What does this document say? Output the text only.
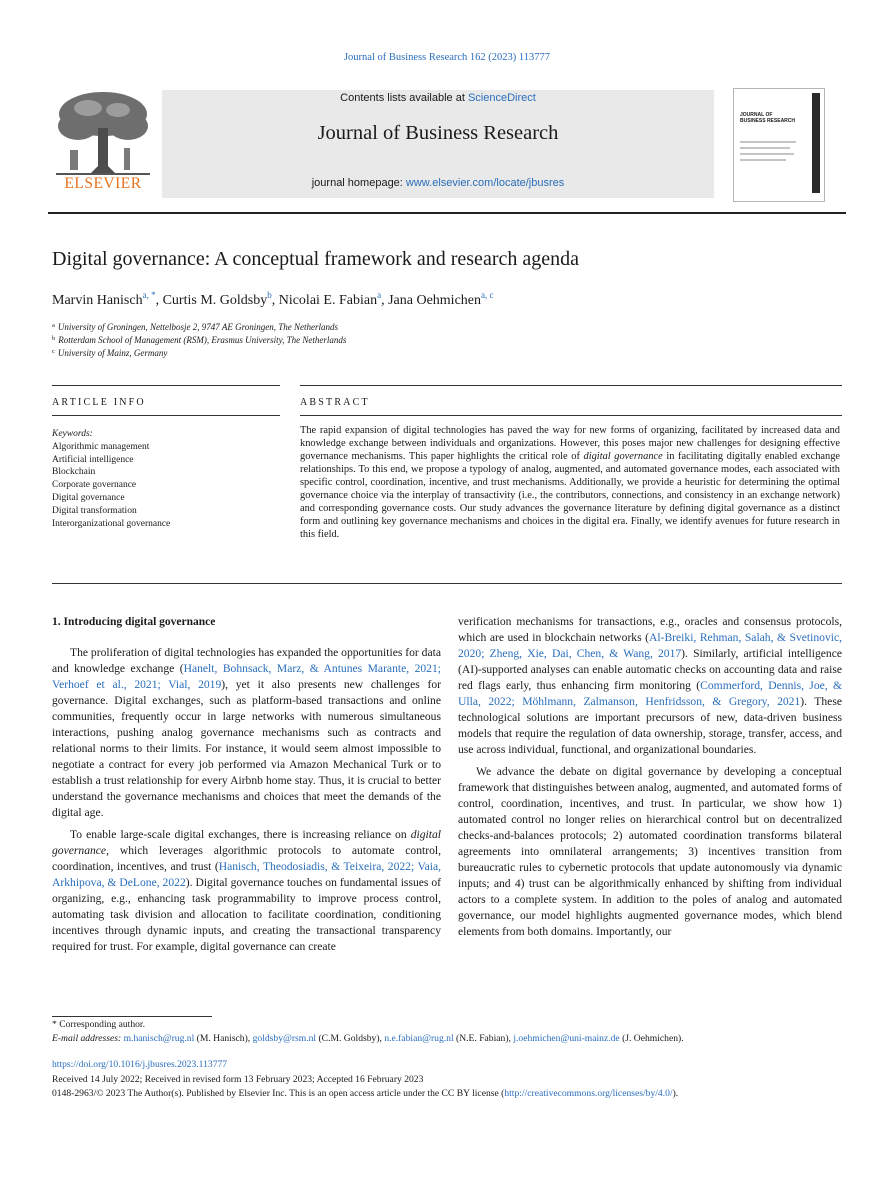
Journal of Business Research 162 (2023) 113777
ELSEVIER
Contents lists available at ScienceDirect
Journal of Business Research
journal homepage: www.elsevier.com/locate/jbusres
JOURNAL OF BUSINESS RESEARCH
Digital governance: A conceptual framework and research agenda
Marvin Hanisch$^{a, *}$, Curtis M. Goldsby$^b$, Nicolai E. Fabian$^a$, Jana Oehmichen$^{a, c}$
$^a$ University of Groningen, Nettelbosje 2, 9747 AE Groningen, The Netherlands
$^b$ Rotterdam School of Management (RSM), Erasmus University, The Netherlands
$^c$ University of Mainz, Germany
ARTICLE INFO	ABSTRACT
Keywords:
Algorithmic management
Artificial intelligence
Blockchain
Corporate governance
Digital governance
Digital transformation
Interorganizational governance
The rapid expansion of digital technologies has paved the way for new forms of organizing, facilitated by increased data and knowledge exchange between individuals and organizations. However, this poses major new challenges for designing effective governance mechanisms. This paper highlights the critical role of digital governance in facilitating digitally enabled exchange relationships. To this end, we propose a typology of analog, augmented, and automated governance modes, each associated with specific control, coordination, incentive, and trust mechanisms. Additionally, we provide a heuristic for determining the optimal governance choice via the interplay of transactivity (i.e., the contributors, connections, and consistency in an exchange network) and corresponding governance costs. Our study advances the governance literature by defining digital governance as a distinct form and outlining key governance mechanisms and choices in the digital era. Finally, we identify avenues for future research in this field.
1. Introducing digital governance

The proliferation of digital technologies has expanded the opportunities for data and knowledge exchange (Hanelt, Bohnsack, Marz, & Antunes Marante, 2021; Verhoef et al., 2021; Vial, 2019), yet it also presents new challenges for governance. Digital exchanges, such as platform-based transactions and online communities, frequently occur in large networks with numerous simultaneous interactions, pushing analog governance mechanisms such as contracts and relational norms to their limits. For instance, it would seem almost impossible to negotiate a contract for every job performed via Amazon Mechanical Turk or to establish a trust relationship for every Airbnb home stay. Thus, it is crucial to better understand the governance mechanisms and choices that meet the demands of the digital age.

To enable large-scale digital exchanges, there is increasing reliance on digital governance, which leverages algorithmic protocols to automate control, coordination, incentives, and trust (Hanisch, Theodosiadis, & Teixeira, 2022; Vaia, Arkhipova, & DeLone, 2022). Digital governance touches on fundamental issues of organizing, e.g., enhancing task programmability to improve process control, automating task division and allocation to facilitate coordination, conditioning incentives through dynamic inputs, and creating the transactional transparency required for trust. For example, digital governance can create

verification mechanisms for transactions, e.g., oracles and consensus protocols, which are used in blockchain networks (Al-Breiki, Rehman, Salah, & Svetinovic, 2020; Zheng, Xie, Dai, Chen, & Wang, 2017). Similarly, artificial intelligence (AI)-supported analyses can enable automatic checks on accounting data and raise red flags early, thus enhancing firm monitoring (Commerford, Dennis, Joe, & Ulla, 2022; Möhlmann, Zalmanson, Henfridsson, & Gregory, 2021). These technological solutions are important precursors of new, data-driven business models that require the regulation of data ownership, storage, transfer, access, and use across individual, functional, and organizational boundaries.

We advance the debate on digital governance by developing a conceptual framework that distinguishes between analog, augmented, and automated forms of control, coordination, incentives, and trust. In particular, we show how 1) automated control no longer relies on hierarchical control but on decentralized checks-and-balances protocols; 2) automated coordination transforms bilateral agreements into omnilateral arrangements; 3) incentives transition from bureaucratic rules to cybernetic protocols that update autonomously via dynamic inputs; and 4) trust can be algorithmically enhanced by shifting from individual actors to a complete system. In addition to the poles of analog and automated governance, our model highlights augmented governance modes, which blend elements from both domains. Importantly, our

* Corresponding author.
E-mail addresses: m.hanisch@rug.nl (M. Hanisch), goldsby@rsm.nl (C.M. Goldsby), n.e.fabian@rug.nl (N.E. Fabian), j.oehmichen@uni-mainz.de (J. Oehmichen).
https://doi.org/10.1016/j.jbusres.2023.113777
Received 14 July 2022; Received in revised form 13 February 2023; Accepted 16 February 2023
0148-2963/© 2023 The Author(s). Published by Elsevier Inc. This is an open access article under the CC BY license (http://creativecommons.org/licenses/by/4.0/).
